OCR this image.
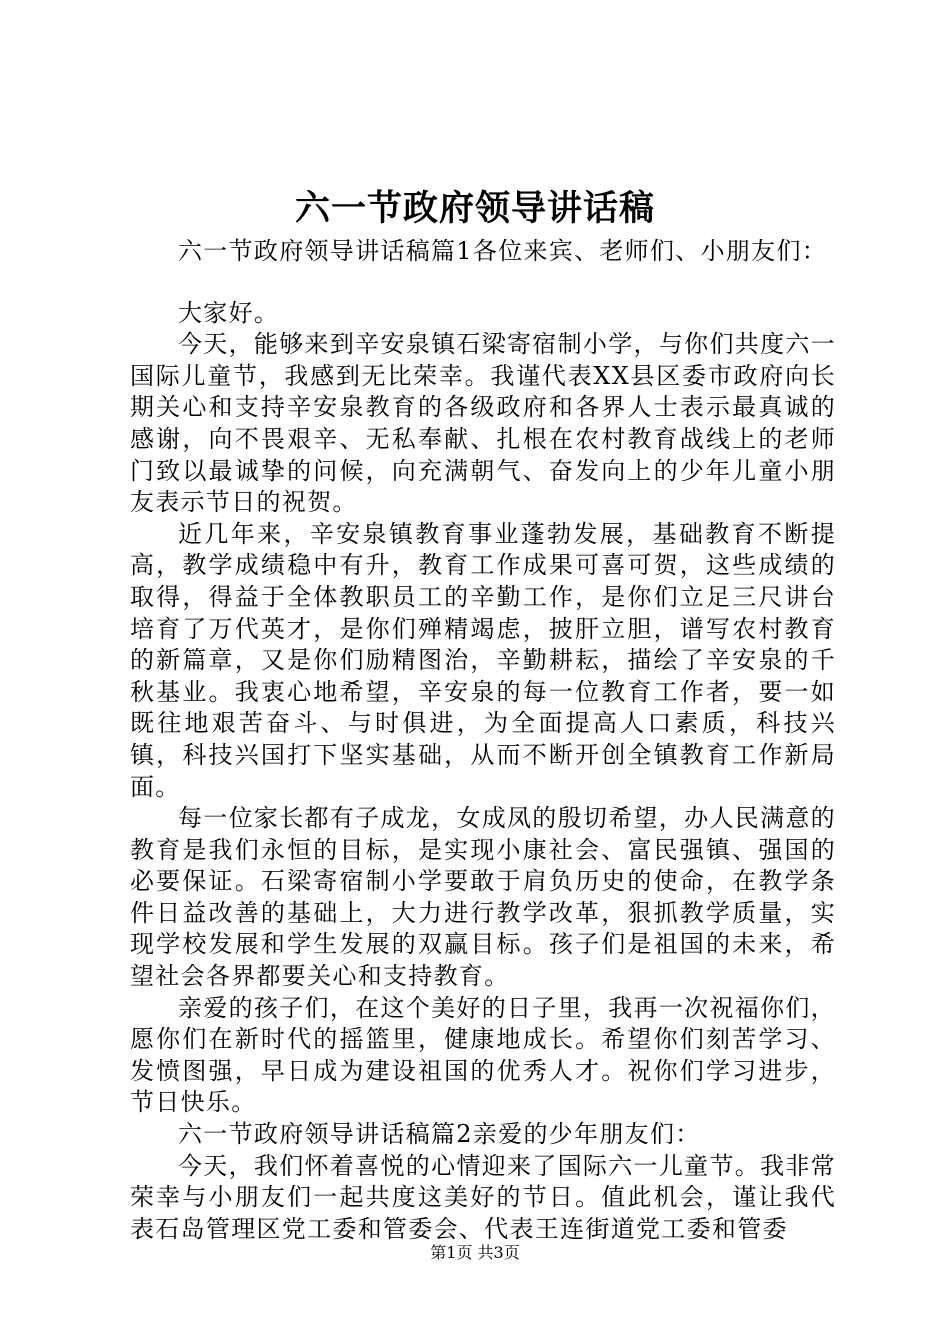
六一节政府领导讲话稿

六一节政府领导讲话稿篇1各位来宾、老师们、小朋友们：

大家好。

今天，能够来到辛安泉镇石梁寄宿制小学，与你们共度六一国际儿童节，我感到无比荣幸。我谨代表XX县区委市政府向长期关心和支持辛安泉教育的各级政府和各界人士表示最真诚的感谢，向不畏艰辛、无私奉献、扎根在农村教育战线上的老师门致以最诚挚的问候，向充满朝气、奋发向上的少年儿童小朋友表示节日的祝贺。

近几年来，辛安泉镇教育事业蓬勃发展，基础教育不断提高，教学成绩稳中有升，教育工作成果可喜可贺，这些成绩的取得，得益于全体教职员工的辛勤工作，是你们立足三尺讲台培育了万代英才，是你们殚精竭虑，披肝立胆，谱写农村教育的新篇章，又是你们励精图治，辛勤耕耘，描绘了辛安泉的千秋基业。我衷心地希望，辛安泉的每一位教育工作者，要一如既往地艰苦奋斗、与时俱进，为全面提高人口素质，科技兴镇，科技兴国打下坚实基础，从而不断开创全镇教育工作新局面。

每一位家长都有子成龙，女成凤的殷切希望，办人民满意的教育是我们永恒的目标，是实现小康社会、富民强镇、强国的必要保证。石梁寄宿制小学要敢于肩负历史的使命，在教学条件日益改善的基础上，大力进行教学改革，狠抓教学质量，实现学校发展和学生发展的双赢目标。孩子们是祖国的未来，希望社会各界都要关心和支持教育。

亲爱的孩子们，在这个美好的日子里，我再一次祝福你们，愿你们在新时代的摇篮里，健康地成长。希望你们刻苦学习、发愤图强，早日成为建设祖国的优秀人才。祝你们学习进步，节日快乐。

六一节政府领导讲话稿篇2亲爱的少年朋友们：

今天，我们怀着喜悦的心情迎来了国际六一儿童节。我非常荣幸与小朋友们一起共度这美好的节日。值此机会，谨让我代表石岛管理区党工委和管委会、代表王连街道党工委和管委

第1页 共3页
